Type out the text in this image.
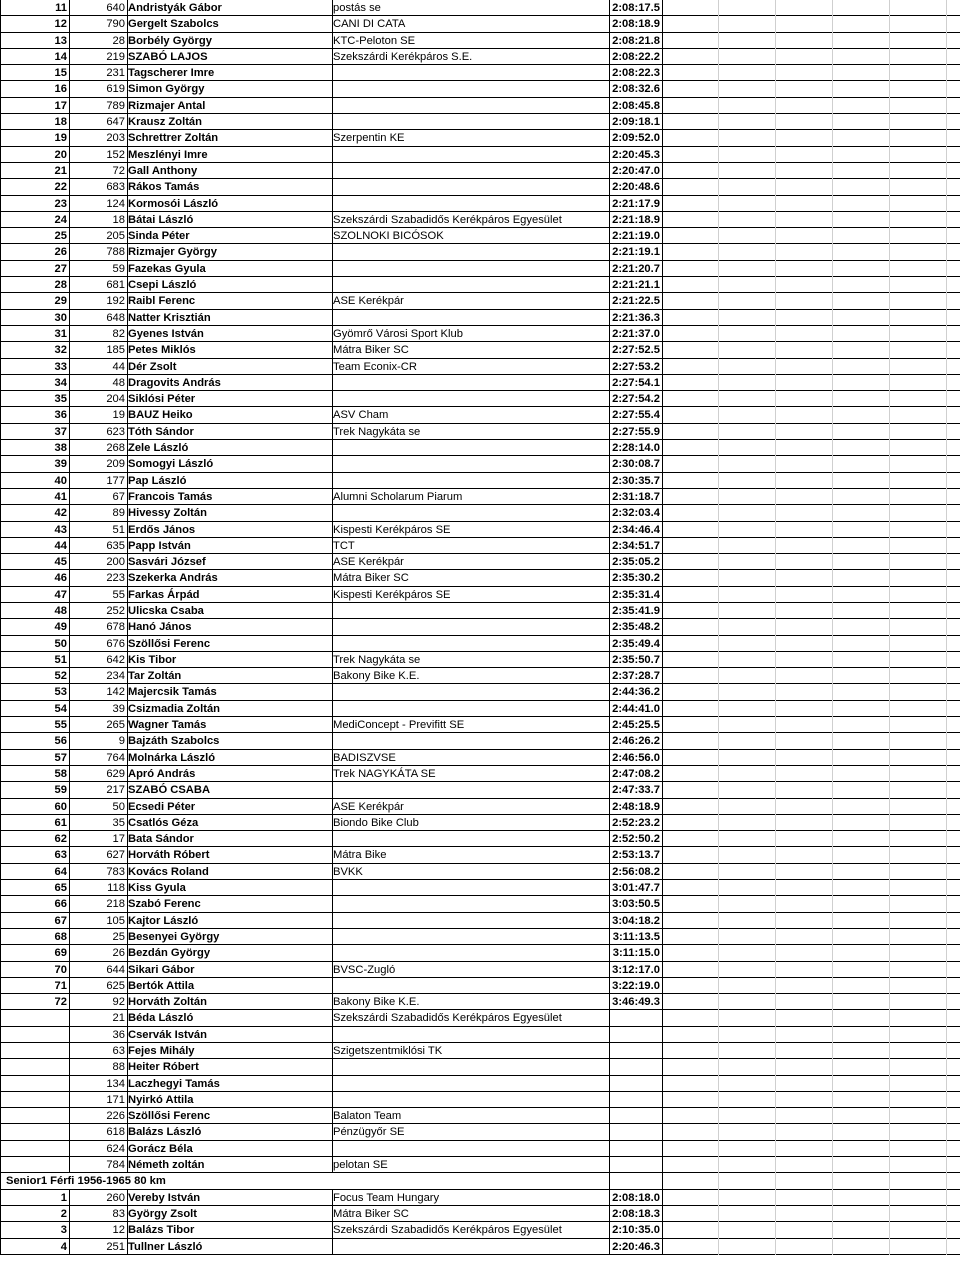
11	640 Andristyák Gábor	postás se	2:08:17.5
12	790 Gergelt Szabolcs	CANI DI CATA	2:08:18.9
13	28 Borbély György	KTC-Peloton SE	2:08:21.8
14	219 SZABÓ LAJOS	Szekszárdi Kerékpáros S.E.	2:08:22.2
15	231 Tagscherer Imre	2:08:22.3
16	619 Simon György	2:08:32.6
17	789 Rizmajer Antal	2:08:45.8
18	647 Krausz Zoltán	2:09:18.1
19	203 Schrettrer Zoltán	Szerpentin KE	2:09:52.0
20	152 Meszlényi Imre	2:20:45.3
21	72 Gall Anthony	2:20:47.0
22	683 Rákos Tamás	2:20:48.6
23	124 Kormosói László	2:21:17.9
24	18 Bátai László	Szekszárdi Szabadidős Kerékpáros Egyesület	2:21:18.9
25	205 Sinda Péter	SZOLNOKI BICÓSOK	2:21:19.0
26	788 Rizmajer György	2:21:19.1
27	59 Fazekas Gyula	2:21:20.7
28	681 Csepi László	2:21:21.1
29	192 Raibl Ferenc	ASE Kerékpár	2:21:22.5
30	648 Natter Krisztián	2:21:36.3
31	82 Gyenes István	Gyömrő Városi Sport Klub	2:21:37.0
32	185 Petes Miklós	Mátra Biker SC	2:27:52.5
33	44 Dér Zsolt	Team Econix-CR	2:27:53.2
34	48 Dragovits András	2:27:54.1
35	204 Siklósi Péter	2:27:54.2
36	19 BAUZ Heiko	ASV Cham	2:27:55.4
37	623 Tóth Sándor	Trek Nagykáta se	2:27:55.9
38	268 Zele László	2:28:14.0
39	209 Somogyi László	2:30:08.7
40	177 Pap László	2:30:35.7
41	67 Francois Tamás	Alumni Scholarum Piarum	2:31:18.7
42	89 Hivessy Zoltán	2:32:03.4
43	51 Erdős János	Kispesti Kerékpáros SE	2:34:46.4
44	635 Papp István	TCT	2:34:51.7
45	200 Sasvári József	ASE Kerékpár	2:35:05.2
46	223 Szekerka András	Mátra Biker SC	2:35:30.2
47	55 Farkas Árpád	Kispesti Kerékpáros SE	2:35:31.4
48	252 Ulicska Csaba	2:35:41.9
49	678 Hanó János	2:35:48.2
50	676 Szöllősi Ferenc	2:35:49.4
51	642 Kis Tibor	Trek Nagykáta se	2:35:50.7
52	234 Tar Zoltán	Bakony Bike K.E.	2:37:28.7
53	142 Majercsik Tamás	2:44:36.2
54	39 Csizmadia Zoltán	2:44:41.0
55	265 Wagner Tamás	MediConcept - Previfitt SE	2:45:25.5
56	9 Bajzáth Szabolcs	2:46:26.2
57	764 Molnárka László	BADISZVSE	2:46:56.0
58	629 Apró András	Trek NAGYKÁTA SE	2:47:08.2
59	217 SZABÓ CSABA	2:47:33.7
60	50 Ecsedi Péter	ASE Kerékpár	2:48:18.9
61	35 Csatlós Géza	Biondo Bike Club	2:52:23.2
62	17 Bata Sándor	2:52:50.2
63	627 Horváth Róbert	Mátra Bike	2:53:13.7
64	783 Kovács Roland	BVKK	2:56:08.2
65	118 Kiss Gyula	3:01:47.7
66	218 Szabó Ferenc	3:03:50.5
67	105 Kajtor László	3:04:18.2
68	25 Besenyei György	3:11:13.5
69	26 Bezdán György	3:11:15.0
70	644 Sikari Gábor	BVSC-Zugló	3:12:17.0
71	625 Bertók Attila	3:22:19.0
72	92 Horváth Zoltán	Bakony Bike K.E.	3:46:49.3
21 Béda László	Szekszárdi Szabadidős Kerékpáros Egyesület
36 Cservák István
63 Fejes Mihály	Szigetszentmiklósi TK
88 Heiter Róbert
134 Laczhegyi Tamás
171 Nyirkó Attila
226 Szöllősi Ferenc	Balaton Team
618 Balázs László	Pénzügyőr SE
624 Gorácz Béla
784 Németh zoltán	pelotan SE
Senior1 Férfi 1956-1965 80 km
1	260 Vereby István	Focus Team Hungary	2:08:18.0
2	83 György Zsolt	Mátra Biker SC	2:08:18.3
3	12 Balázs Tibor	Szekszárdi Szabadidős Kerékpáros Egyesület	2:10:35.0
4	251 Tullner László	2:20:46.3
